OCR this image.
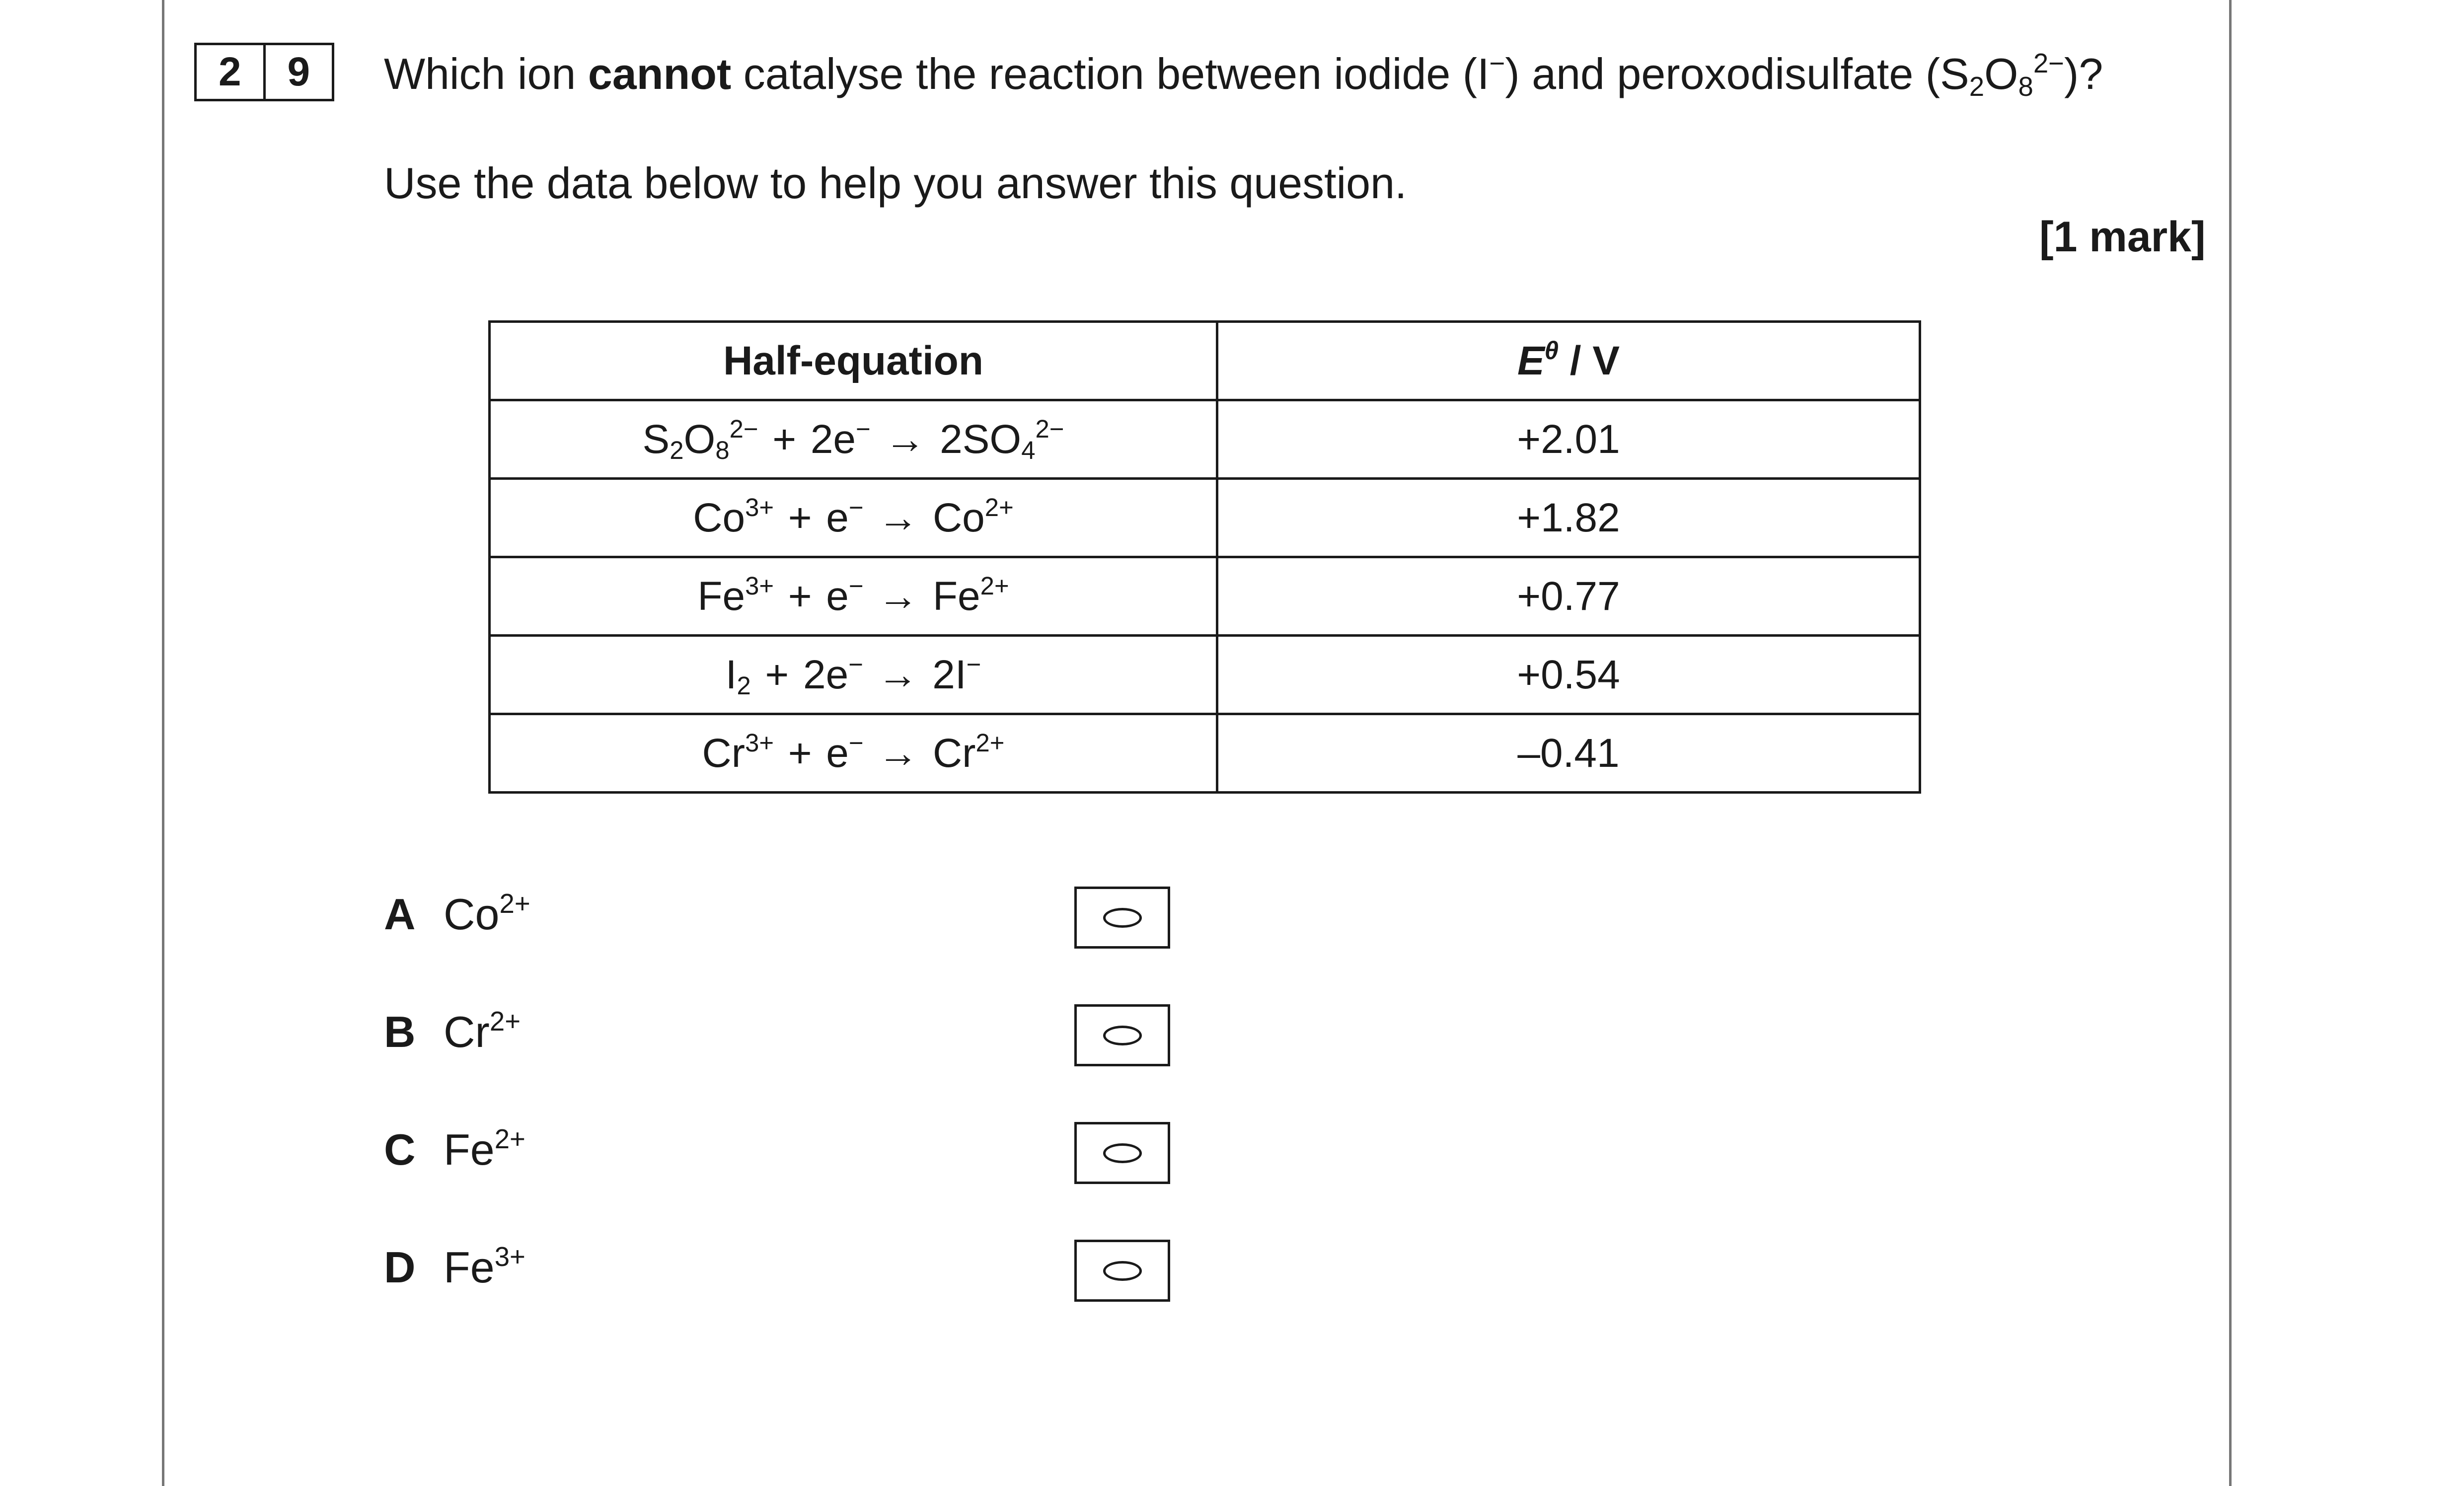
2	9	Which ion cannot catalyse the reaction between iodide (I−) and peroxodisulfate $(S_2O_8^{2-})$?
Use the data below to help you answer this question.
[1 mark]
Half-equation	$E^\theta$ / V
$S_2O_8^{2-} + 2e^- \to 2SO_4^{2-}$	+2.01
$Co^{3+} + e^- \to Co^{2+}$	+1.82
$Fe^{3+} + e^- \to Fe^{2+}$	+0.77
$I_2 + 2e^- \to 2I^-$	+0.54
$Cr^{3+} + e^- \to Cr^{2+}$	–0.41
A $Co^{2+}$
B $Cr^{2+}$
C $Fe^{2+}$
D $Fe^{3+}$
